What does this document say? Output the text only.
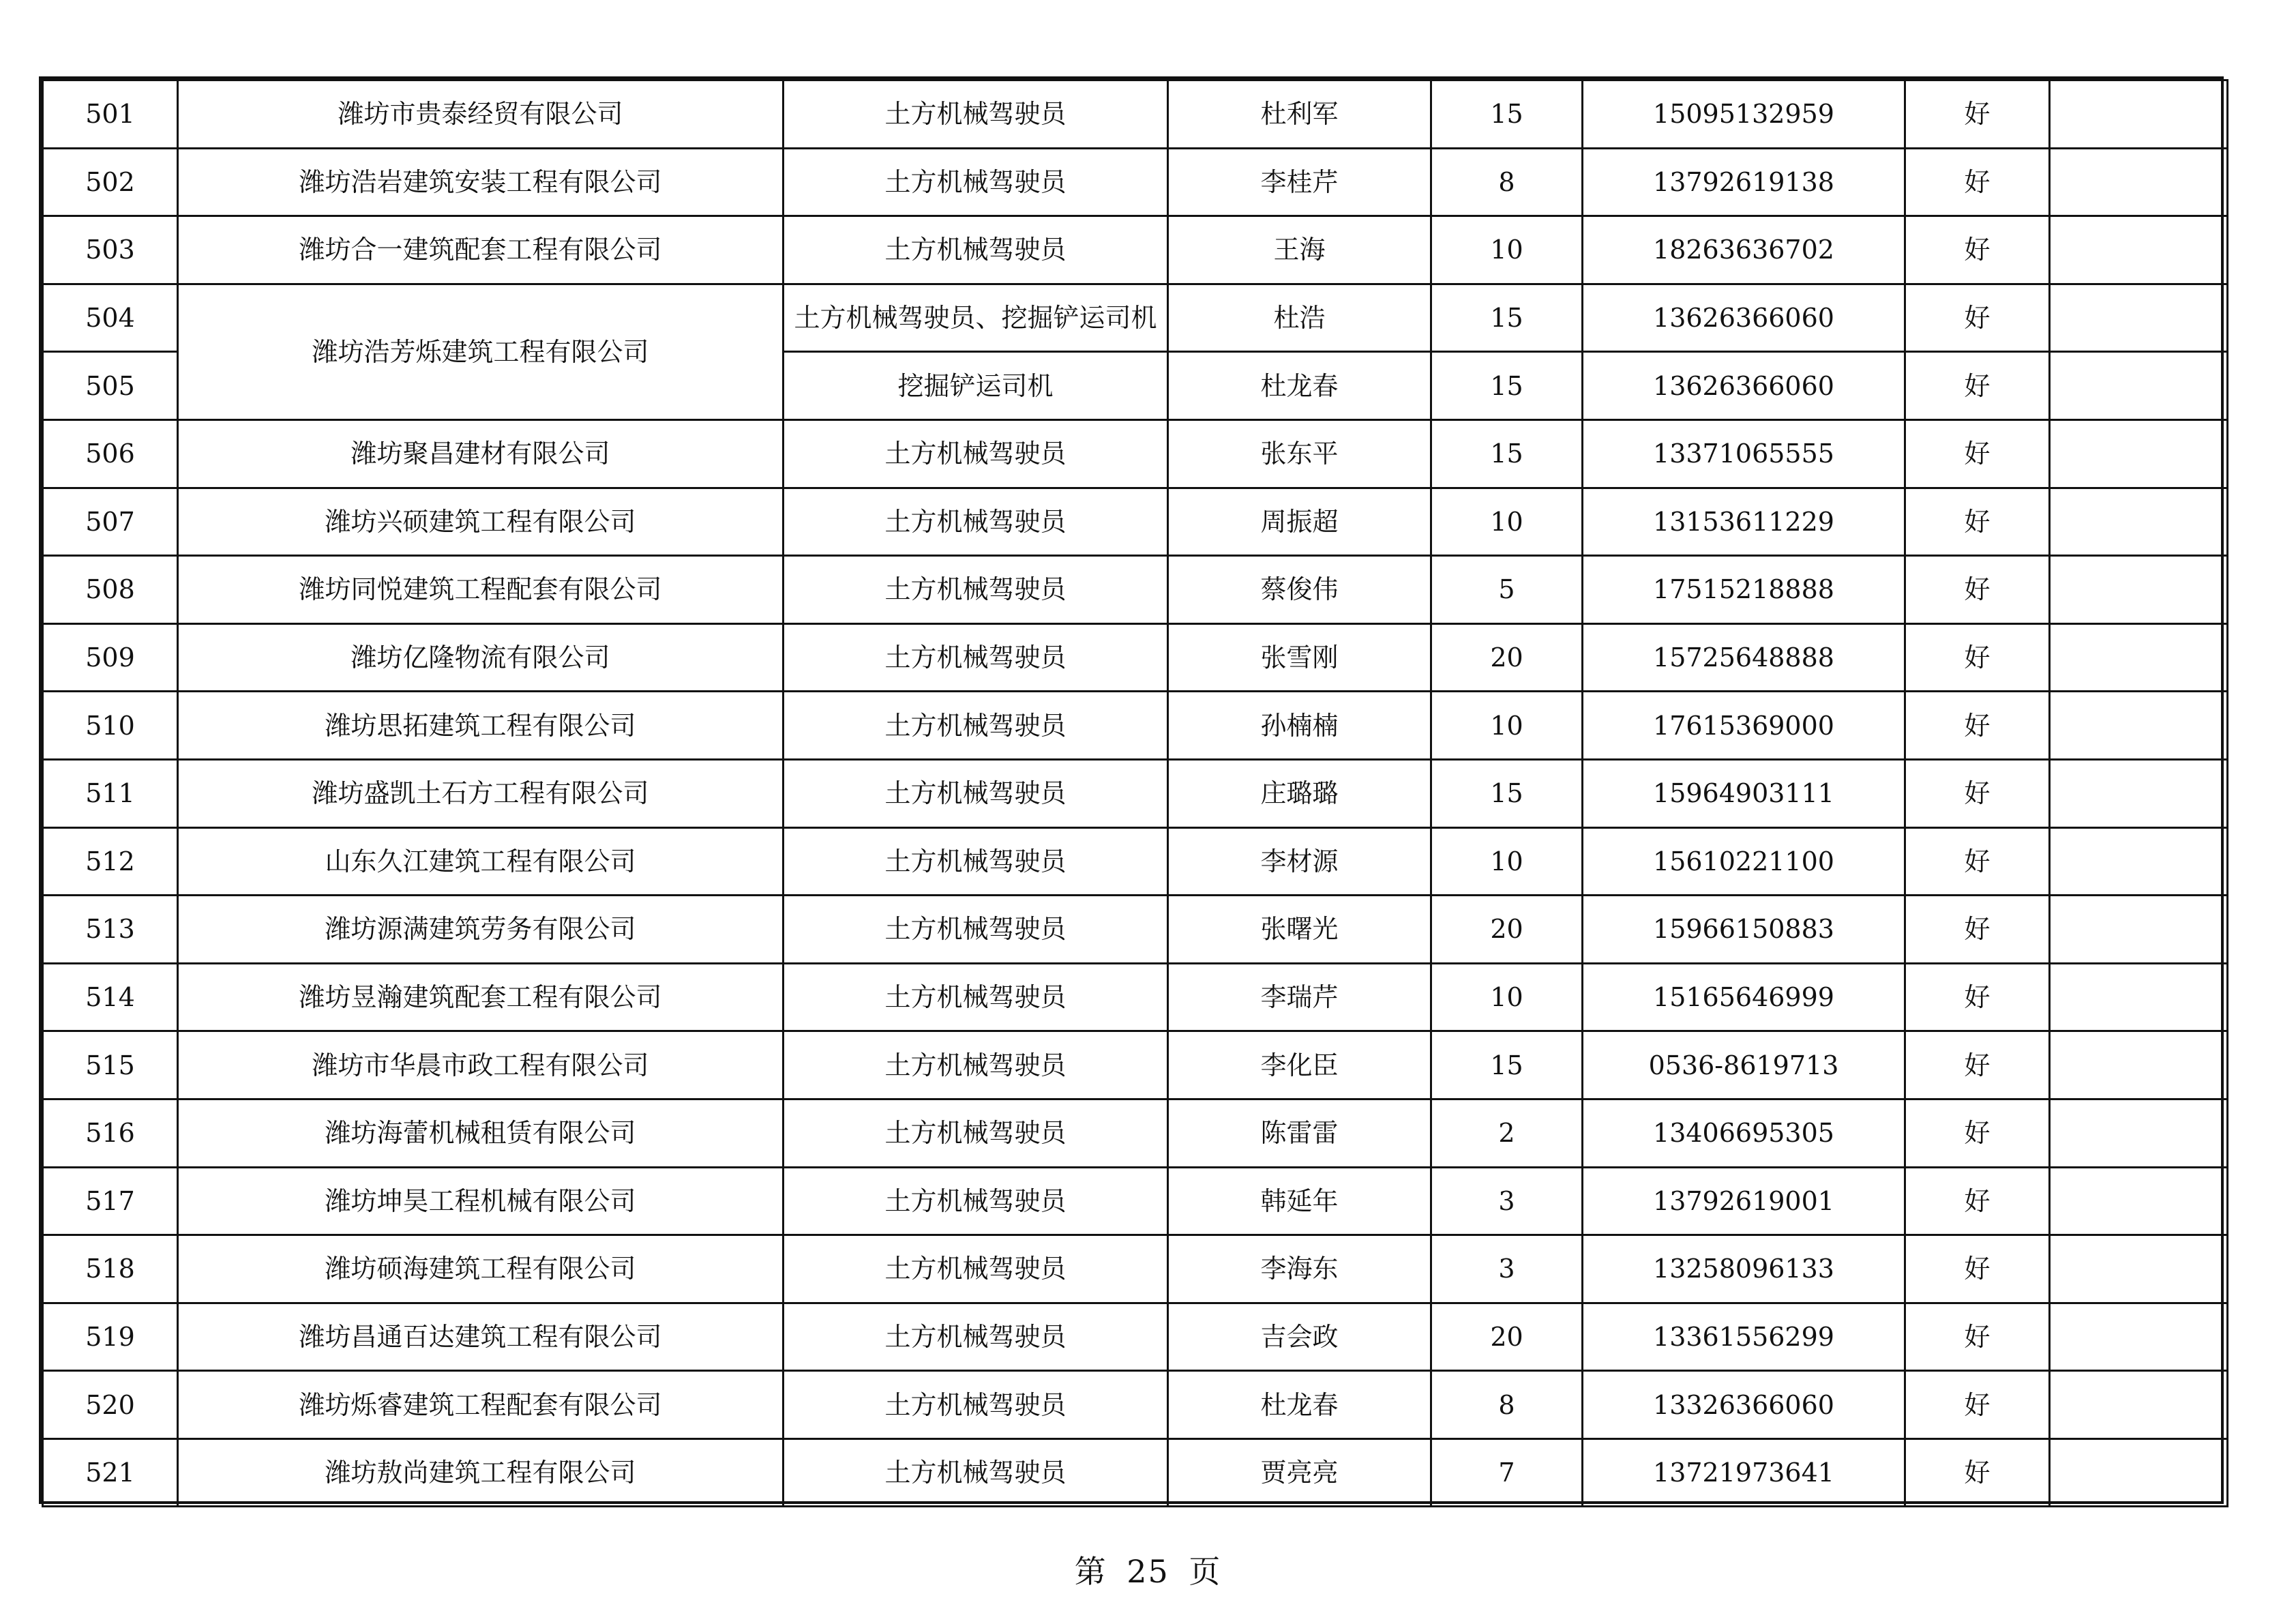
501	潍坊市贵泰经贸有限公司	土方机械驾驶员	杜利军	15	15095132959	好	
502	潍坊浩岩建筑安装工程有限公司	土方机械驾驶员	李桂芹	8	13792619138	好	
503	潍坊合一建筑配套工程有限公司	土方机械驾驶员	王海	10	18263636702	好	
504	潍坊浩芳烁建筑工程有限公司	土方机械驾驶员、挖掘铲运司机	杜浩	15	13626366060	好	
505		挖掘铲运司机	杜龙春	15	13626366060	好	
506	潍坊聚昌建材有限公司	土方机械驾驶员	张东平	15	13371065555	好	
507	潍坊兴硕建筑工程有限公司	土方机械驾驶员	周振超	10	13153611229	好	
508	潍坊同悦建筑工程配套有限公司	土方机械驾驶员	蔡俊伟	5	17515218888	好	
509	潍坊亿隆物流有限公司	土方机械驾驶员	张雪刚	20	15725648888	好	
510	潍坊思拓建筑工程有限公司	土方机械驾驶员	孙楠楠	10	17615369000	好	
511	潍坊盛凯土石方工程有限公司	土方机械驾驶员	庄璐璐	15	15964903111	好	
512	山东久江建筑工程有限公司	土方机械驾驶员	李材源	10	15610221100	好	
513	潍坊源满建筑劳务有限公司	土方机械驾驶员	张曙光	20	15966150883	好	
514	潍坊昱瀚建筑配套工程有限公司	土方机械驾驶员	李瑞芹	10	15165646999	好	
515	潍坊市华晨市政工程有限公司	土方机械驾驶员	李化臣	15	0536-8619713	好	
516	潍坊海蕾机械租赁有限公司	土方机械驾驶员	陈雷雷	2	13406695305	好	
517	潍坊坤昊工程机械有限公司	土方机械驾驶员	韩延年	3	13792619001	好	
518	潍坊硕海建筑工程有限公司	土方机械驾驶员	李海东	3	13258096133	好	
519	潍坊昌通百达建筑工程有限公司	土方机械驾驶员	吉会政	20	13361556299	好	
520	潍坊烁睿建筑工程配套有限公司	土方机械驾驶员	杜龙春	8	13326366060	好	
521	潍坊敖尚建筑工程有限公司	土方机械驾驶员	贾亮亮	7	13721973641	好	
第 25 页
